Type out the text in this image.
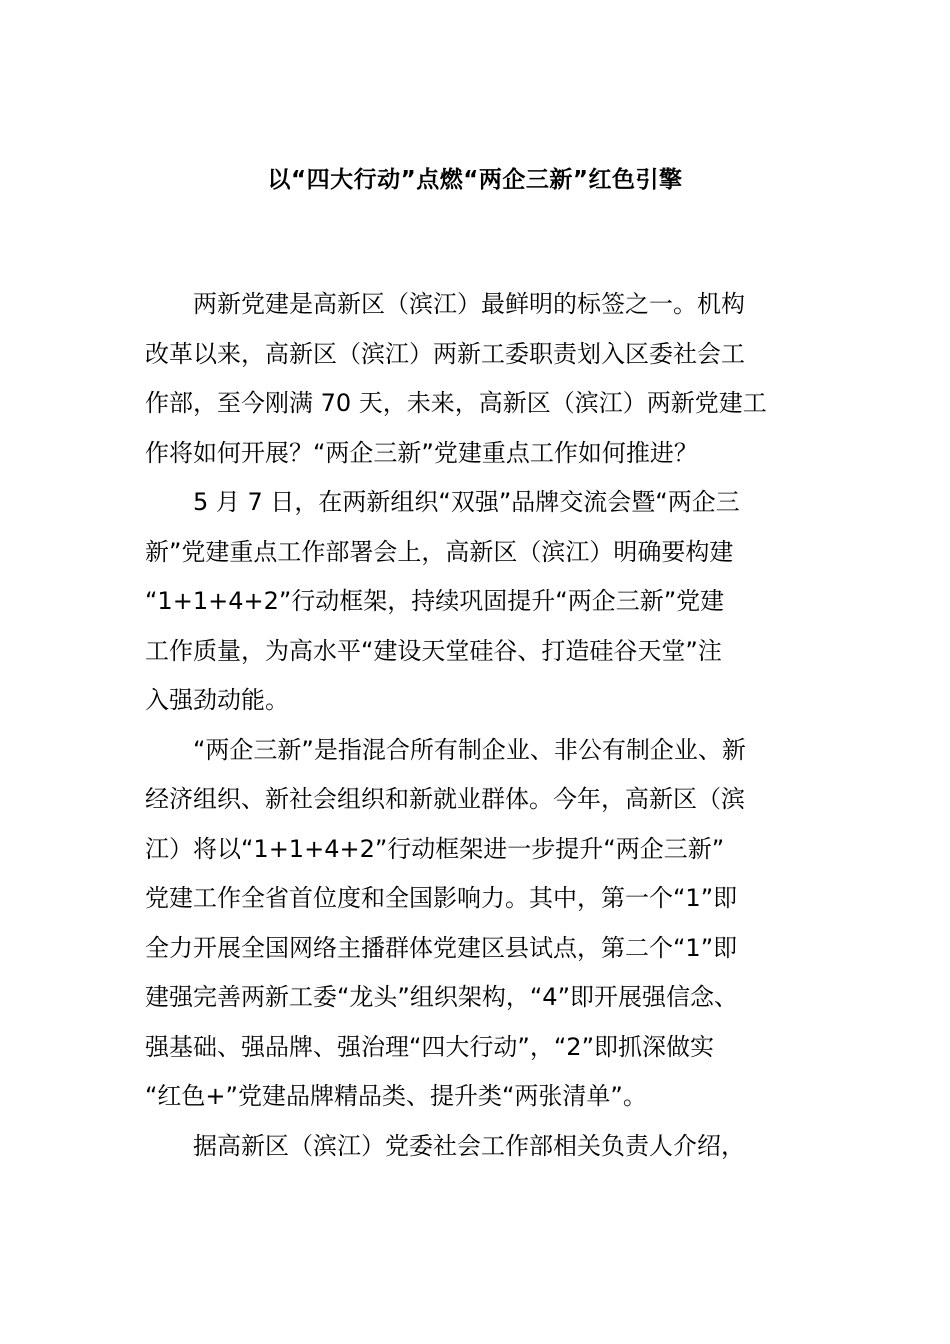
以“四大行动”点燃“两企三新”红色引擎
两新党建是高新区（滨江）最鲜明的标签之一。机构
改革以来，高新区（滨江）两新工委职责划入区委社会工
作部，至今刚满 70 天，未来，高新区（滨江）两新党建工
作将如何开展？“两企三新”党建重点工作如何推进？
5 月 7 日，在两新组织“双强”品牌交流会暨“两企三
新”党建重点工作部署会上，高新区（滨江）明确要构建
“1+1+4+2”行动框架，持续巩固提升“两企三新”党建
工作质量，为高水平“建设天堂硅谷、打造硅谷天堂”注
入强劲动能。
“两企三新”是指混合所有制企业、非公有制企业、新
经济组织、新社会组织和新就业群体。今年，高新区（滨
江）将以“1+1+4+2”行动框架进一步提升“两企三新”
党建工作全省首位度和全国影响力。其中，第一个“1”即
全力开展全国网络主播群体党建区县试点，第二个“1”即
建强完善两新工委“龙头”组织架构，“4”即开展强信念、
强基础、强品牌、强治理“四大行动”，“2”即抓深做实
“红色+”党建品牌精品类、提升类“两张清单”。
据高新区（滨江）党委社会工作部相关负责人介绍，
